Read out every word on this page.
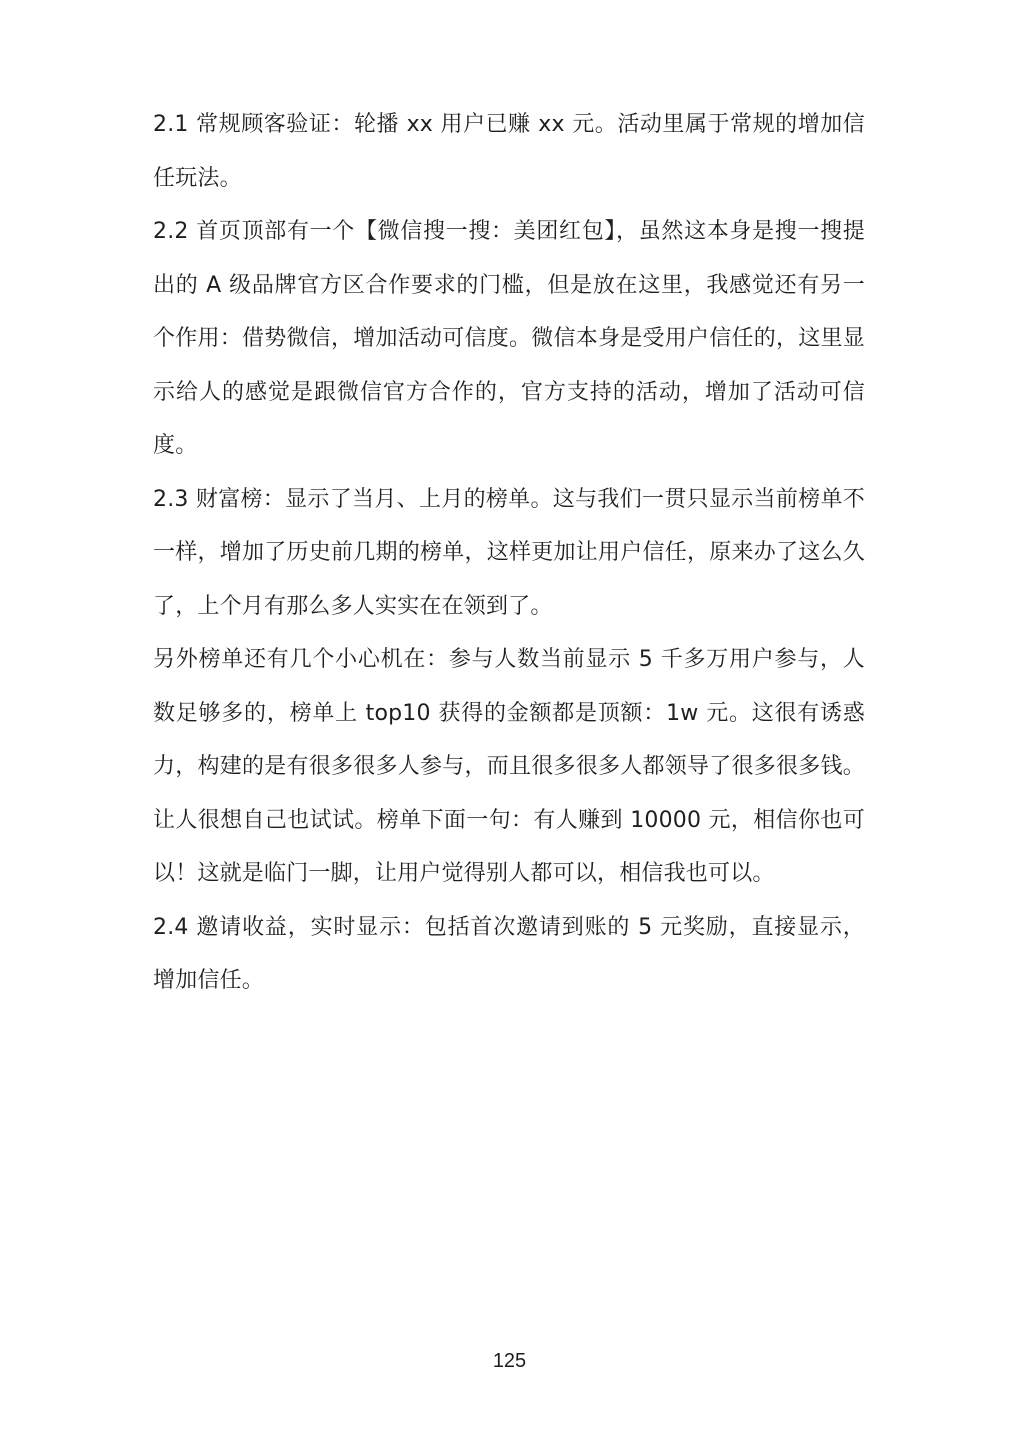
2.1 常规顾客验证：轮播 xx 用户已赚 xx 元。活动里属于常规的增加信任玩法。

2.2 首页顶部有一个【微信搜一搜：美团红包】，虽然这本身是搜一搜提出的 A 级品牌官方区合作要求的门槛，但是放在这里，我感觉还有另一个作用：借势微信，增加活动可信度。微信本身是受用户信任的，这里显示给人的感觉是跟微信官方合作的，官方支持的活动，增加了活动可信度。

2.3 财富榜：显示了当月、上月的榜单。这与我们一贯只显示当前榜单不一样，增加了历史前几期的榜单，这样更加让用户信任，原来办了这么久了，上个月有那么多人实实在在领到了。

另外榜单还有几个小心机在：参与人数当前显示 5 千多万用户参与，人数足够多的，榜单上 top10 获得的金额都是顶额：1w 元。这很有诱惑力，构建的是有很多很多人参与，而且很多很多人都领导了很多很多钱。让人很想自己也试试。榜单下面一句：有人赚到 10000 元，相信你也可以！这就是临门一脚，让用户觉得别人都可以，相信我也可以。

2.4 邀请收益，实时显示：包括首次邀请到账的 5 元奖励，直接显示，增加信任。

125
